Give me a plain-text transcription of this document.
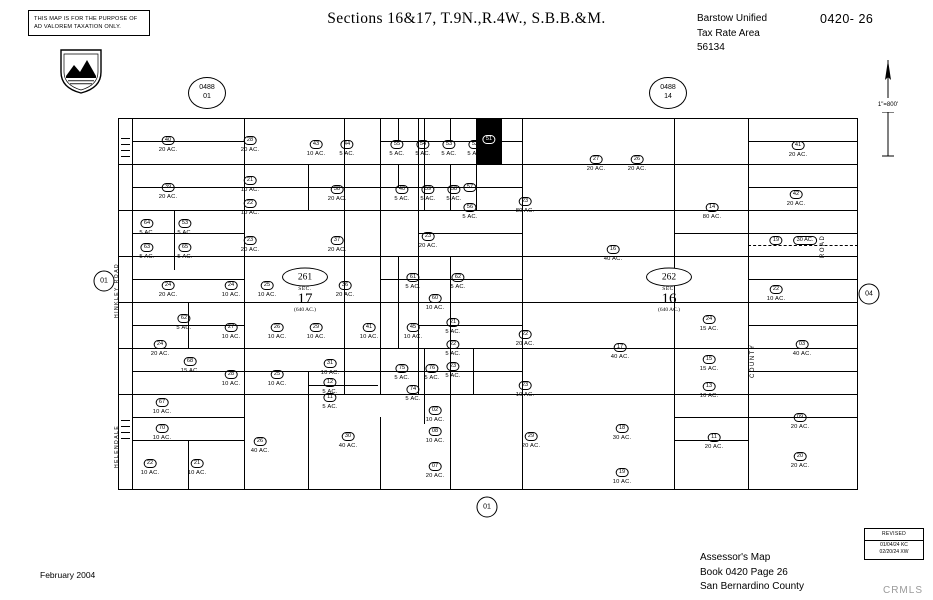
THIS MAP IS FOR THE PURPOSE OF AD VALOREM TAXATION ONLY.
Sections 16&17, T.9N.,R.4W., S.B.B.&M.	Barstow Unified
Tax Rate Area
56134
0420- 26
1"=800'
0488
01
0488
14
01
04
01
51
261
SEC.
17
(640 AC.)
262
SEC.
16
(640 AC.)
ROAD
COUNTY
HINKLEY ROAD
HELENDALE
40
20 AC.
28
20 AC.
43
10 AC.
44
5 AC.
55
5 AC.
54
5 AC.
53
5 AC.
52
5 AC.
27
20 AC.
26
20 AC.
41
20 AC.
39
20 AC.
21
10 AC.
22
10 AC.
38
20 AC.
40
5 AC.
59
5 AC.
58
5 AC.
57
56
5 AC.
23
80 AC.
14
80 AC.
42
20 AC.
64
5 AC.
53
5 AC.
63
5 AC.
65
5 AC.
23
20 AC.
37
20 AC.
23
20 AC.	16
40 AC.
19	30 AC.
24
20 AC.
24
10 AC.
25
10 AC.
36
20 AC.
61
5 AC.
62
5 AC.
60
10 AC.
22
10 AC.
62
5 AC.
24
20 AC.
68
15 AC.
27
10 AC.
26
10 AC.
29
10 AC.
41
10 AC.
45
10 AC.
21
5 AC.
22
5 AC.
23
5 AC.
22
20 AC.	17
40 AC.
24
15 AC.
15
15 AC.
13
10 AC.
03
40 AC.
28
10 AC.
25
10 AC.
31
10 AC.
12
5 AC.
11
5 AC.
75
5 AC.
76
5 AC.
74
5 AC.
23
10 AC.
67
10 AC.
70
10 AC.
22
10 AC.
21
10 AC.
26
40 AC.
30
40 AC.
02
10 AC.
08
10 AC.
07
20 AC.
29
20 AC.
18
30 AC.
19
10 AC.
11
20 AC.
09
20 AC.
20
20 AC.
February 2004
Assessor's Map
Book 0420 Page 26
San Bernardino County
REVISED
01/04/24 KC
02/20/24 XW
CRMLS
